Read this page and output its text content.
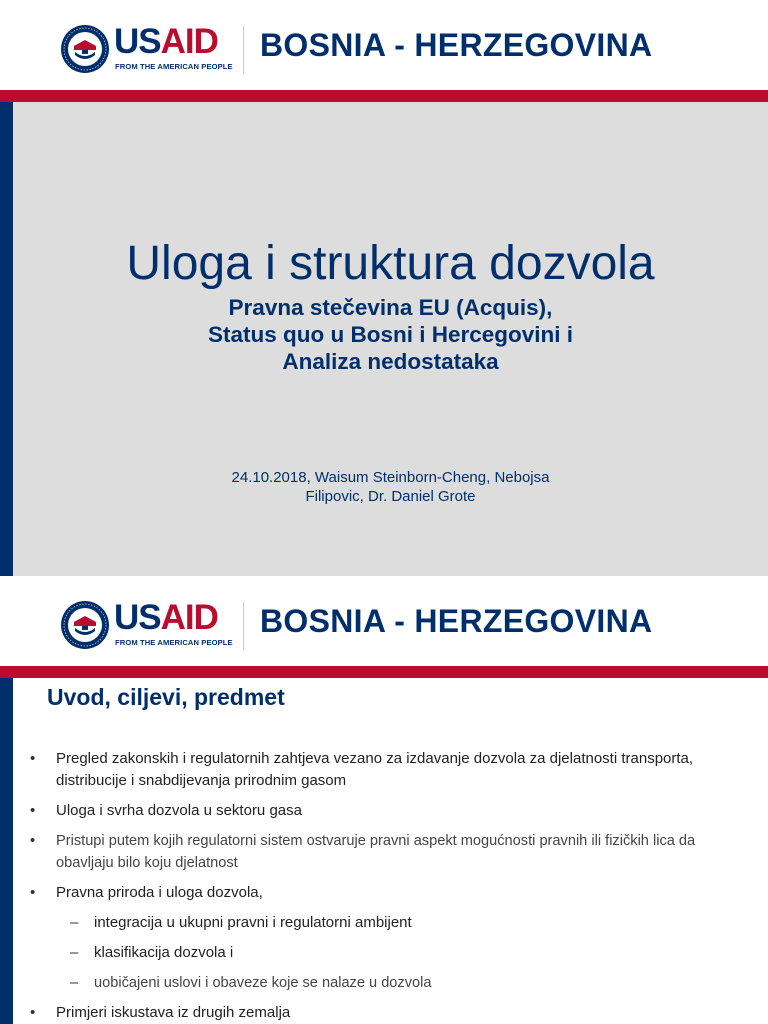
USAID
FROM THE AMERICAN PEOPLE
BOSNIA - HERZEGOVINA
Uloga i struktura dozvola
Pravna stečevina EU (Acquis),
Status quo u Bosni i Hercegovini i
Analiza nedostataka
24.10.2018, Waisum Steinborn-Cheng, Nebojsa
Filipovic, Dr. Daniel Grote
USAID
FROM THE AMERICAN PEOPLE
BOSNIA - HERZEGOVINA
Uvod, ciljevi, predmet
• Pregled zakonskih i regulatornih zahtjeva vezano za izdavanje dozvola za djelatnosti transporta, distribucije i snabdijevanja prirodnim gasom
• Uloga i svrha dozvola u sektoru gasa
• Pristupi putem kojih regulatorni sistem ostvaruje pravni aspekt mogućnosti pravnih ili fizičkih lica da obavljaju bilo koju djelatnost
• Pravna priroda i uloga dozvola,
– integracija u ukupni pravni i regulatorni ambijent
– klasifikacija dozvola i
– uobičajeni uslovi i obaveze koje se nalaze u dozvola
• Primjeri iskustava iz drugih zemalja
